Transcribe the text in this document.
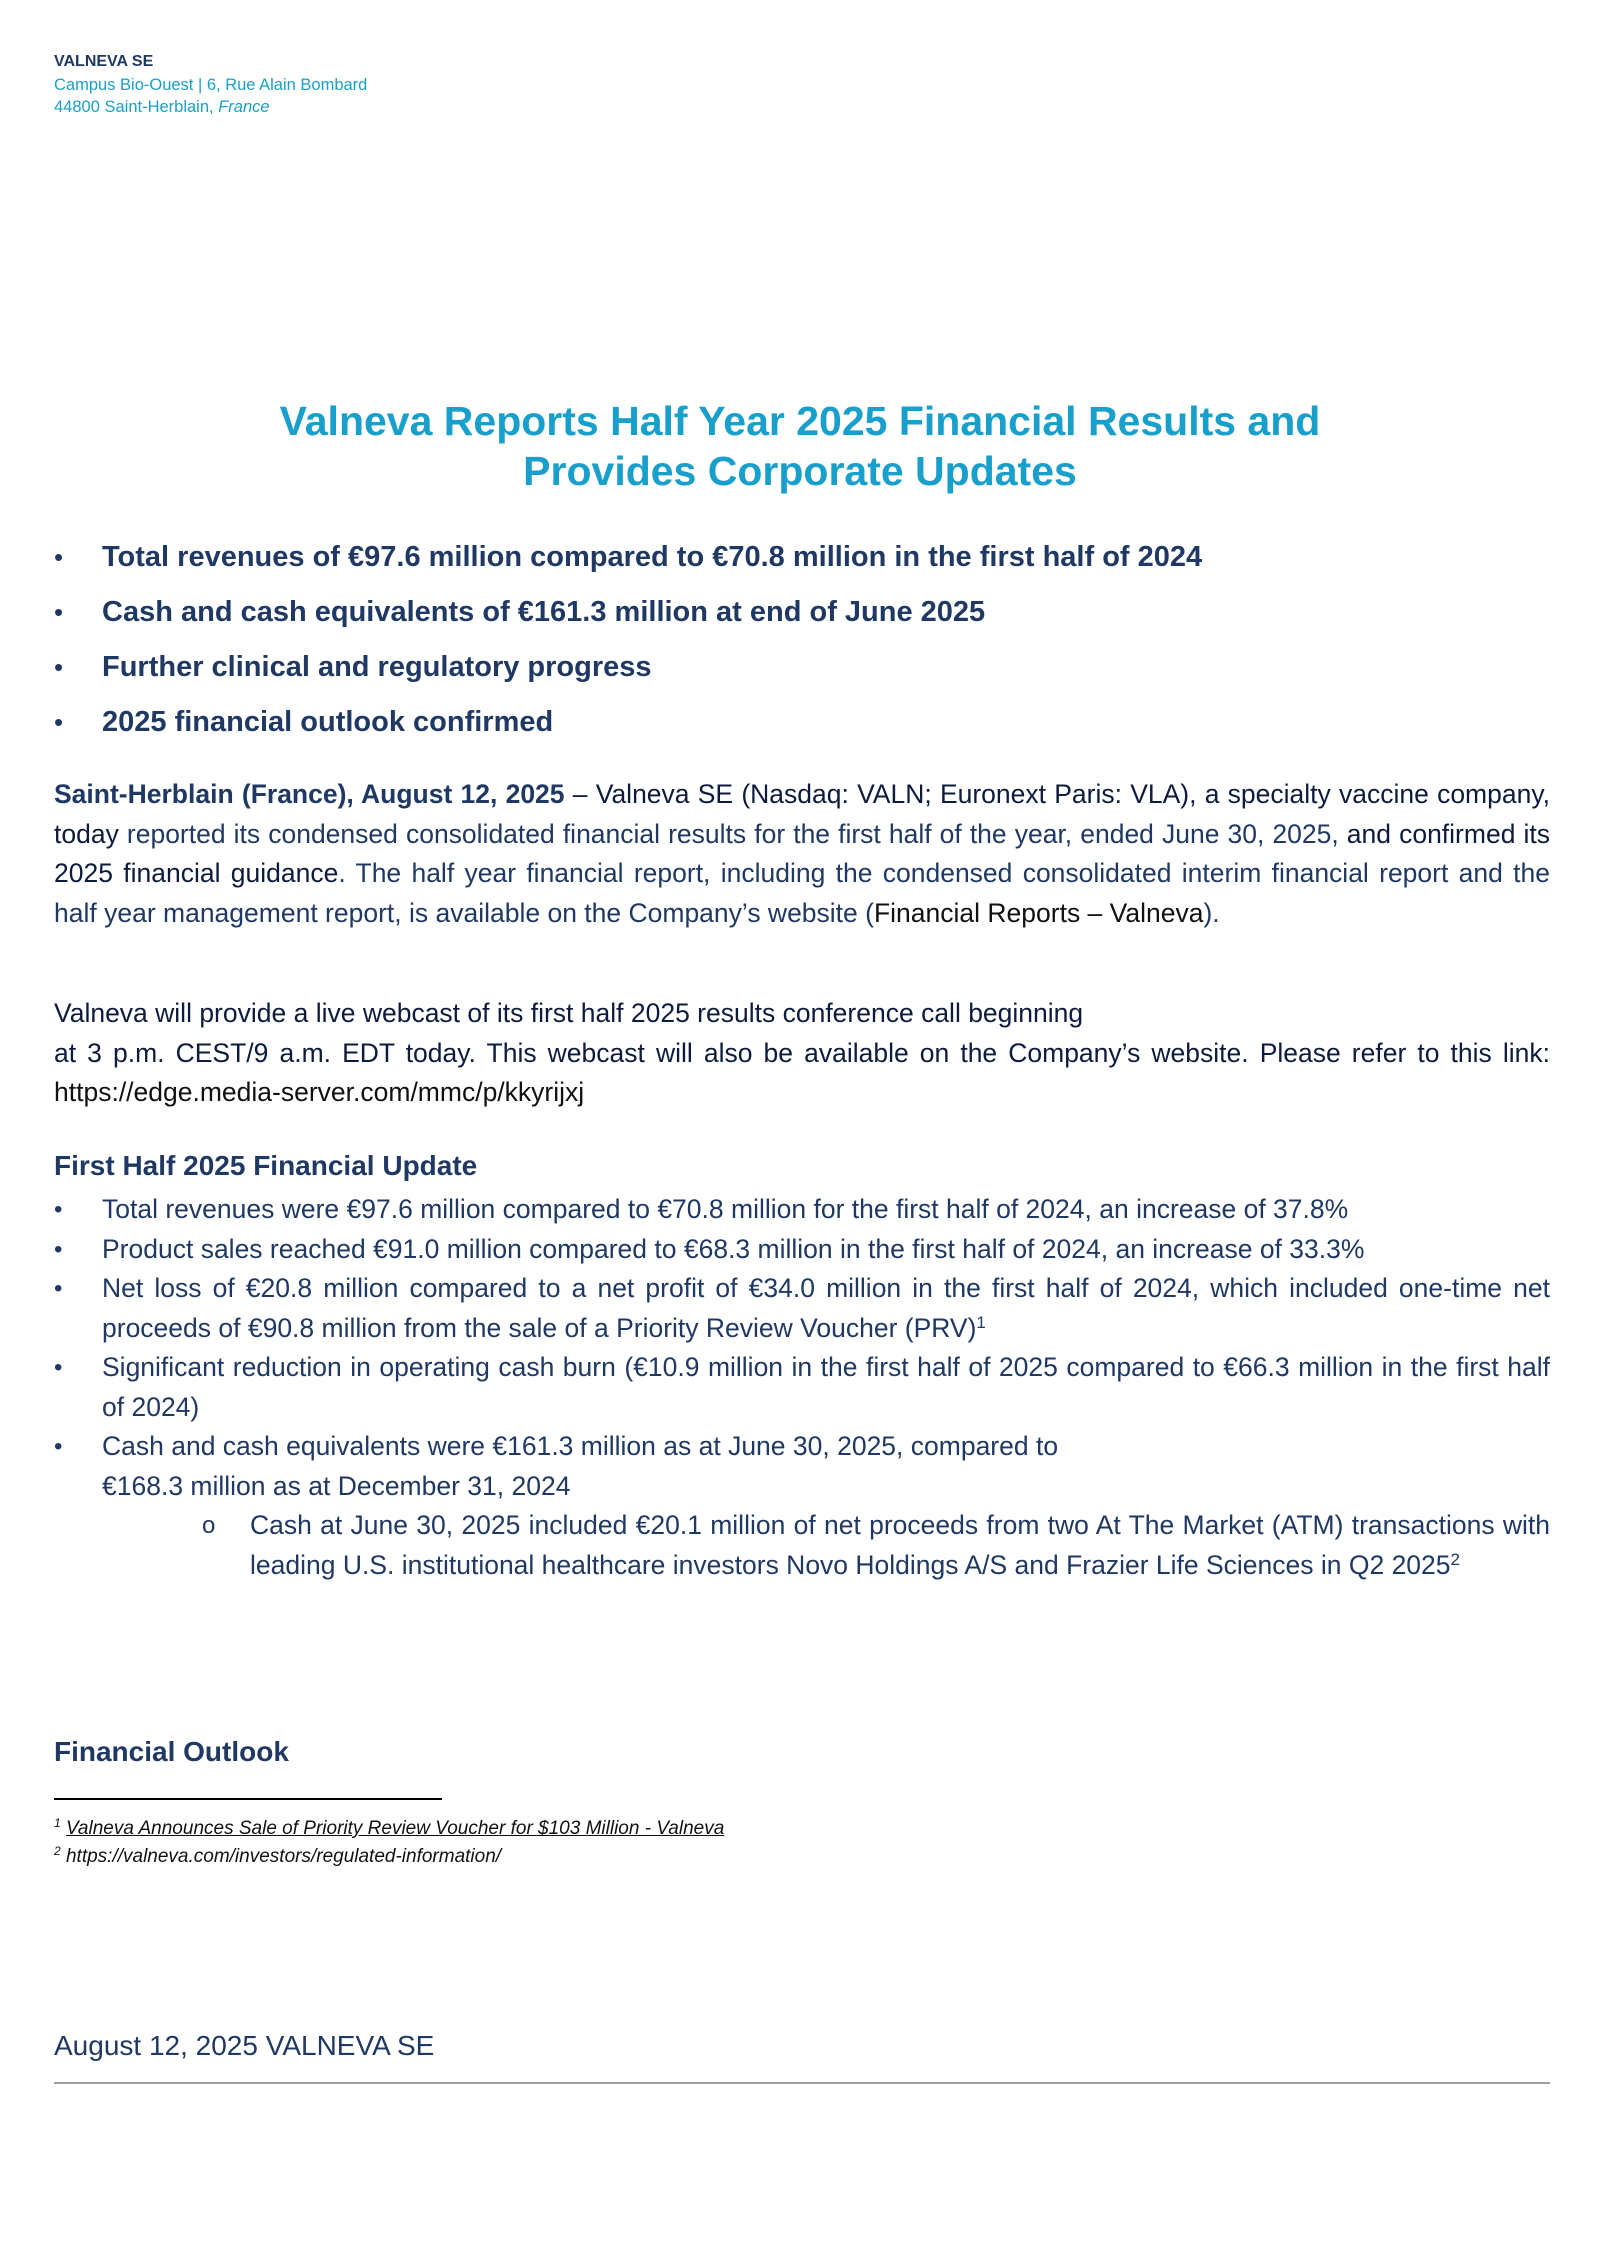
VALNEVA SE
Campus Bio-Ouest | 6, Rue Alain Bombard
44800 Saint-Herblain, France
Valneva Reports Half Year 2025 Financial Results and
Provides Corporate Updates
• Total revenues of €97.6 million compared to €70.8 million in the first half of 2024
• Cash and cash equivalents of €161.3 million at end of June 2025
• Further clinical and regulatory progress
• 2025 financial outlook confirmed
Saint-Herblain (France), August 12, 2025 – Valneva SE (Nasdaq: VALN; Euronext Paris: VLA), a specialty vaccine company, today reported its condensed consolidated financial results for the first half of the year, ended June 30, 2025, and confirmed its 2025 financial guidance. The half year financial report, including the condensed consolidated interim financial report and the half year management report, is available on the Company’s website (Financial Reports – Valneva).
Valneva will provide a live webcast of its first half 2025 results conference call beginning
at 3 p.m. CEST/9 a.m. EDT today. This webcast will also be available on the Company’s website. Please refer to this link: https://edge.media-server.com/mmc/p/kkyrijxj
First Half 2025 Financial Update
• Total revenues were €97.6 million compared to €70.8 million for the first half of 2024, an increase of 37.8%
• Product sales reached €91.0 million compared to €68.3 million in the first half of 2024, an increase of 33.3%
• Net loss of €20.8 million compared to a net profit of €34.0 million in the first half of 2024, which included one-time net proceeds of €90.8 million from the sale of a Priority Review Voucher (PRV)$^1$
• Significant reduction in operating cash burn (€10.9 million in the first half of 2025 compared to €66.3 million in the first half of 2024)
• Cash and cash equivalents were €161.3 million as at June 30, 2025, compared to
€168.3 million as at December 31, 2024
o Cash at June 30, 2025 included €20.1 million of net proceeds from two At The Market (ATM) transactions with leading U.S. institutional healthcare investors Novo Holdings A/S and Frazier Life Sciences in Q2 2025$^2$
Financial Outlook
$^1$ Valneva Announces Sale of Priority Review Voucher for $103 Million - Valneva
$^2$ https://valneva.com/investors/regulated-information/
August 12, 2025 VALNEVA SE
